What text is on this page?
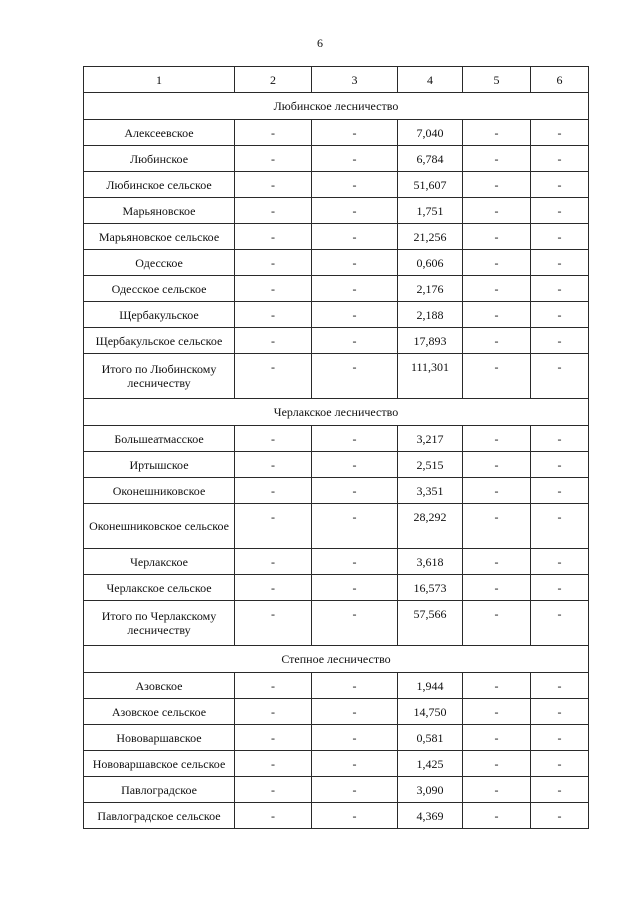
6
1	2	3	4	5	6
Любинское лесничество					
Алексеевское	-	-	7,040	-	-
Любинское	-	-	6,784	-	-
Любинское сельское	-	-	51,607	-	-
Марьяновское	-	-	1,751	-	-
Марьяновское сельское	-	-	21,256	-	-
Одесское	-	-	0,606	-	-
Одесское сельское	-	-	2,176	-	-
Щербакульское	-	-	2,188	-	-
Щербакульское сельское	-	-	17,893	-	-
Итого по Любинскому лесничеству	-	-	111,301	-	-
Черлакское лесничество					
Большеатмасское	-	-	3,217	-	-
Иртышское	-	-	2,515	-	-
Оконешниковское	-	-	3,351	-	-
Оконешниковское сельское	-	-	28,292	-	-
Черлакское	-	-	3,618	-	-
Черлакское сельское	-	-	16,573	-	-
Итого по Черлакскому лесничеству	-	-	57,566	-	-
Степное лесничество					
Азовское	-	-	1,944	-	-
Азовское сельское	-	-	14,750	-	-
Нововаршавское	-	-	0,581	-	-
Нововаршавское сельское	-	-	1,425	-	-
Павлоградское	-	-	3,090	-	-
Павлоградское сельское	-	-	4,369	-	-
